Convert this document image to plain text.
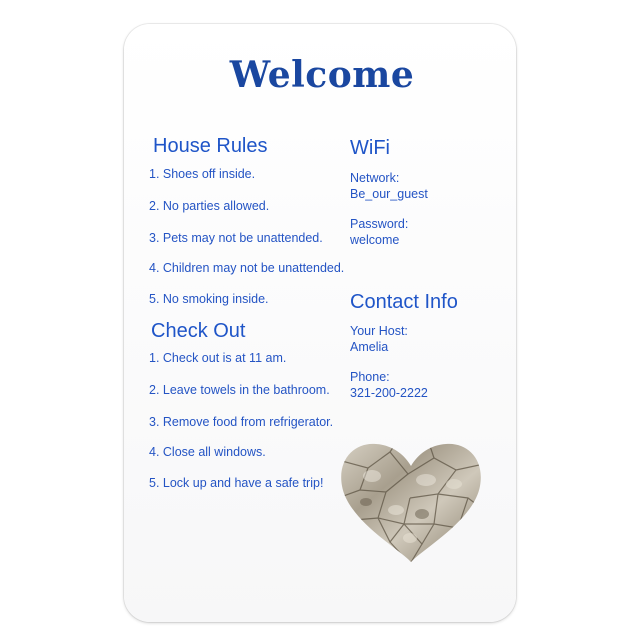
Welcome
House Rules
1. Shoes off inside.
2. No parties allowed.
3. Pets may not be unattended.
4. Children may not be unattended.
5. No smoking inside.
Check Out
1. Check out is at 11 am.
2. Leave towels in the bathroom.
3. Remove food from refrigerator.
4. Close all windows.
5. Lock up and have a safe trip!
WiFi
Network:
Be_our_guest
Password:
welcome
Contact Info
Your Host:
Amelia
Phone:
321-200-2222
